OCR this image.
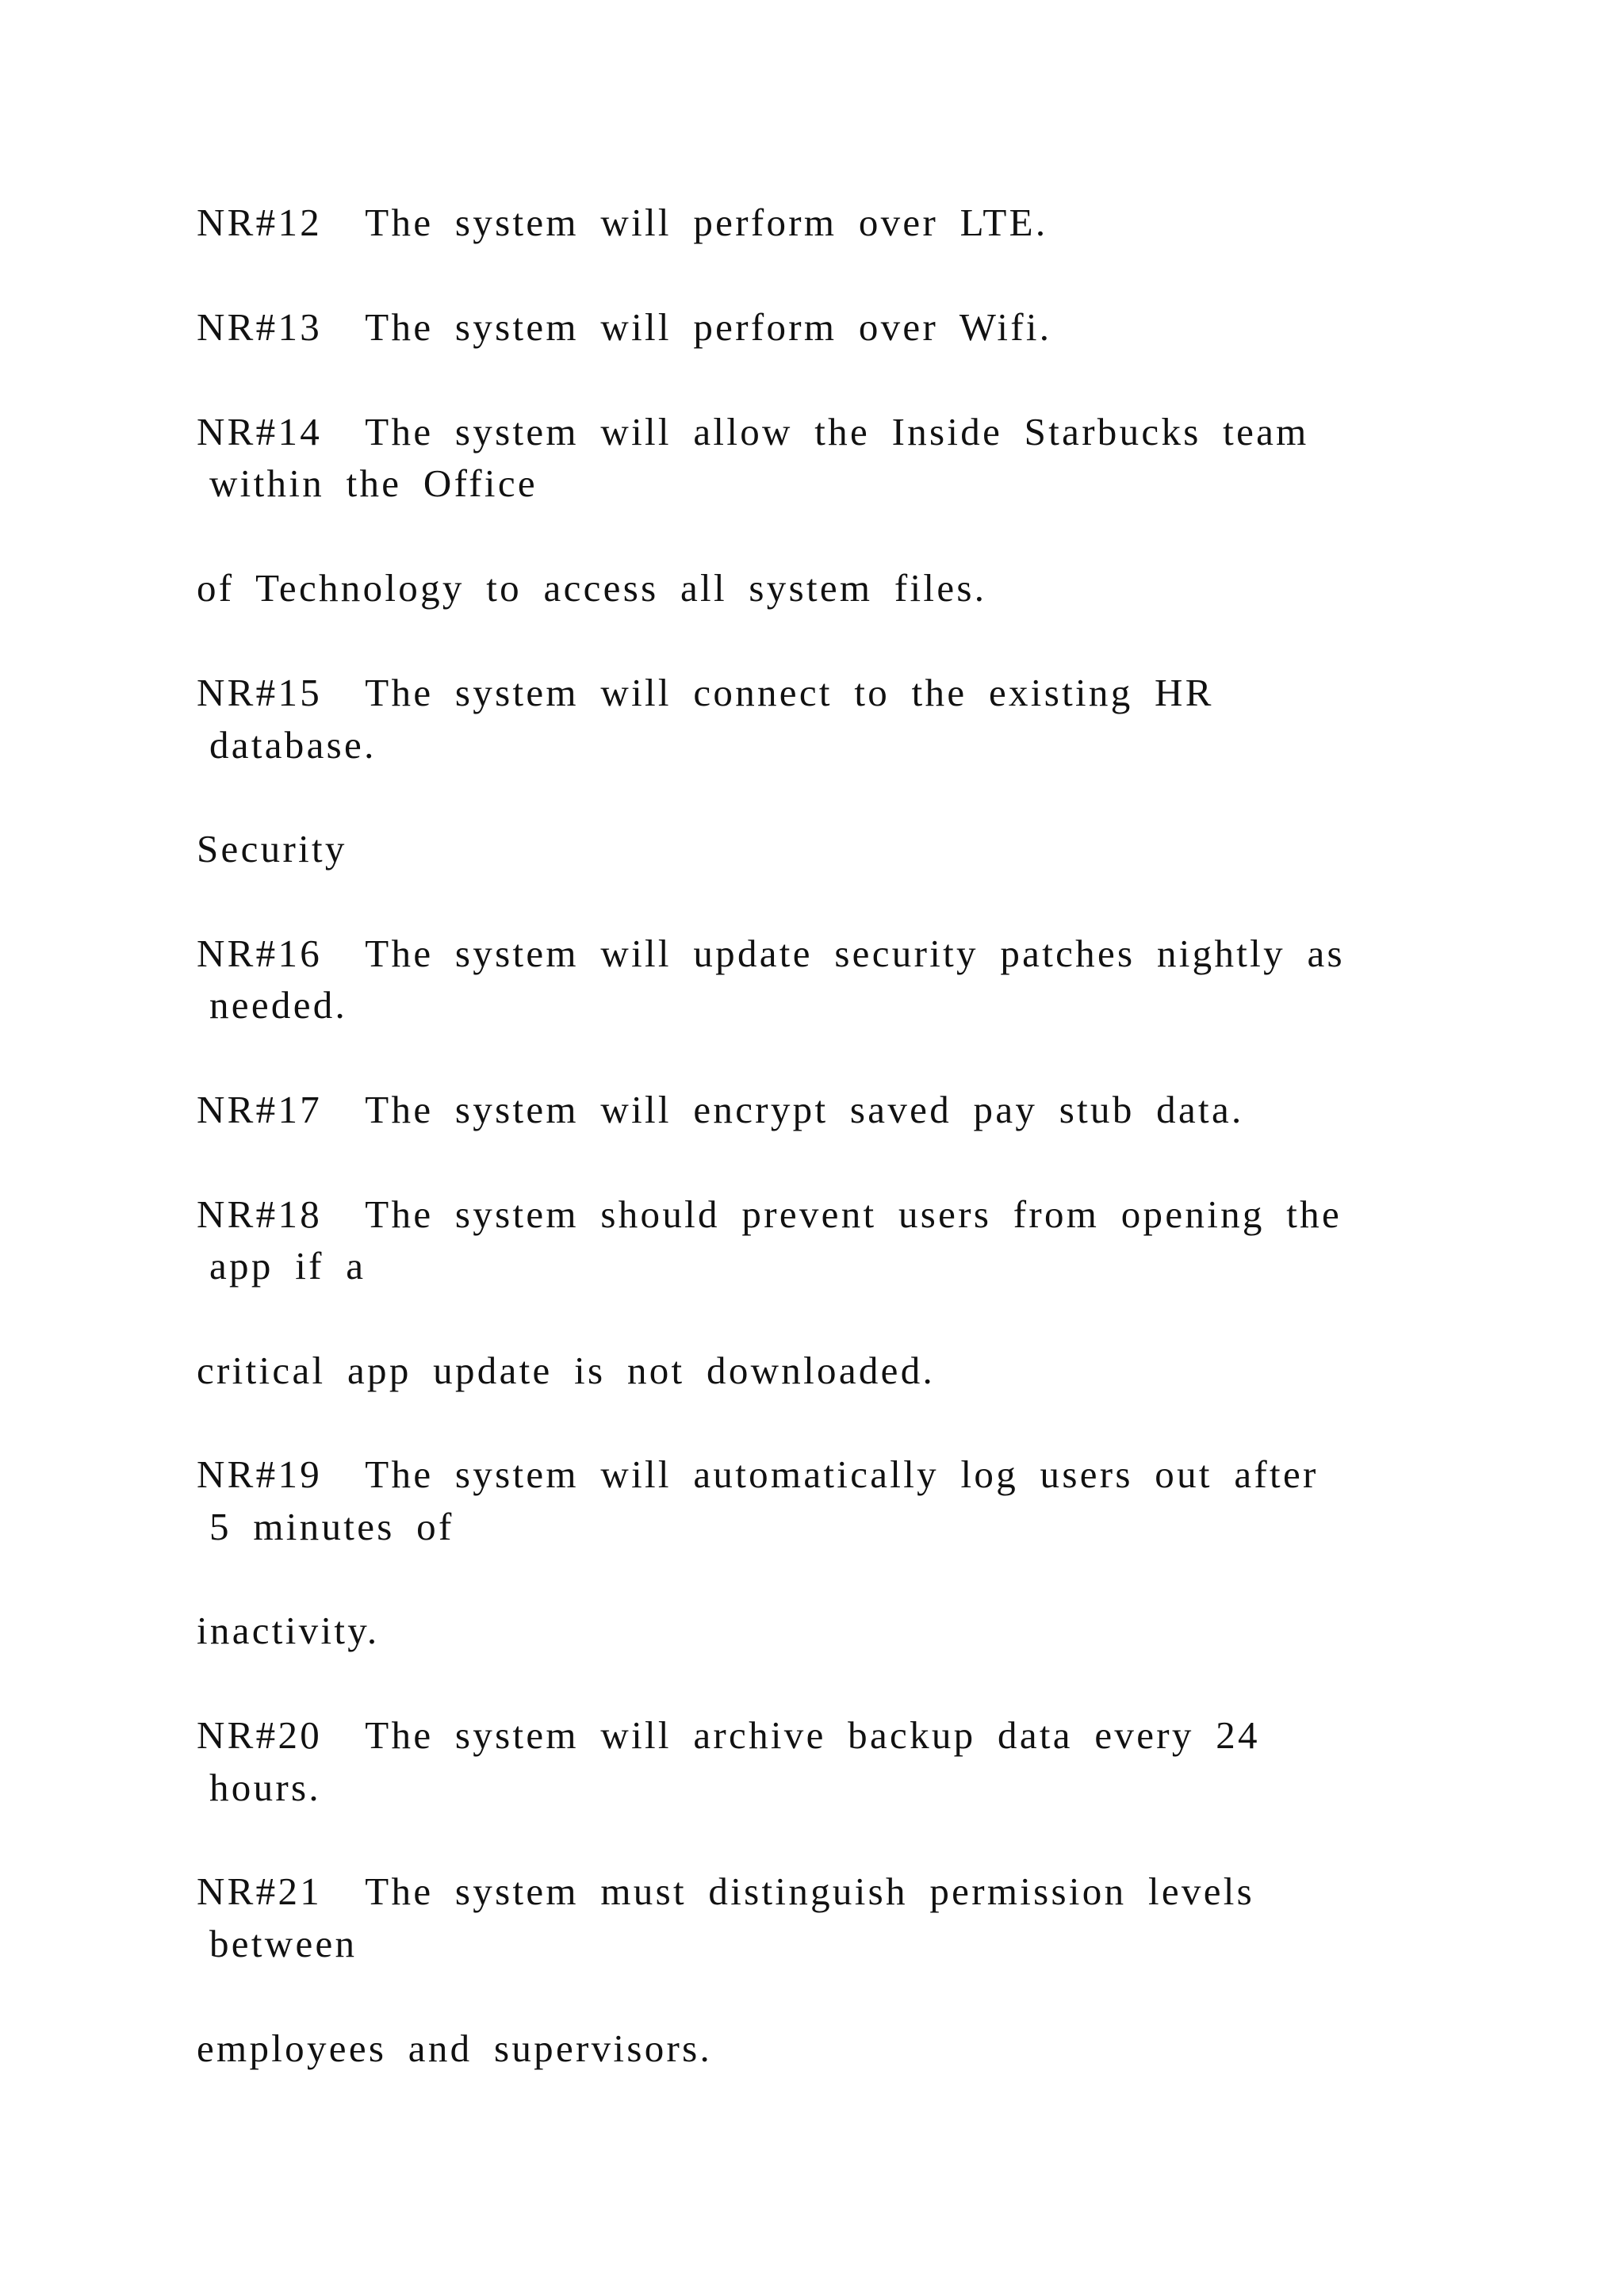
NR#12  The system will perform over LTE.

NR#13  The system will perform over Wifi.

NR#14  The system will allow the Inside Starbucks team

within the Office

of Technology to access all system files.

NR#15  The system will connect to the existing HR

database.

Security

NR#16  The system will update security patches nightly as

needed.

NR#17  The system will encrypt saved pay stub data.

NR#18  The system should prevent users from opening the

app if a

critical app update is not downloaded.

NR#19  The system will automatically log users out after

5 minutes of

inactivity.

NR#20  The system will archive backup data every 24

hours.

NR#21  The system must distinguish permission levels

between

employees and supervisors.
